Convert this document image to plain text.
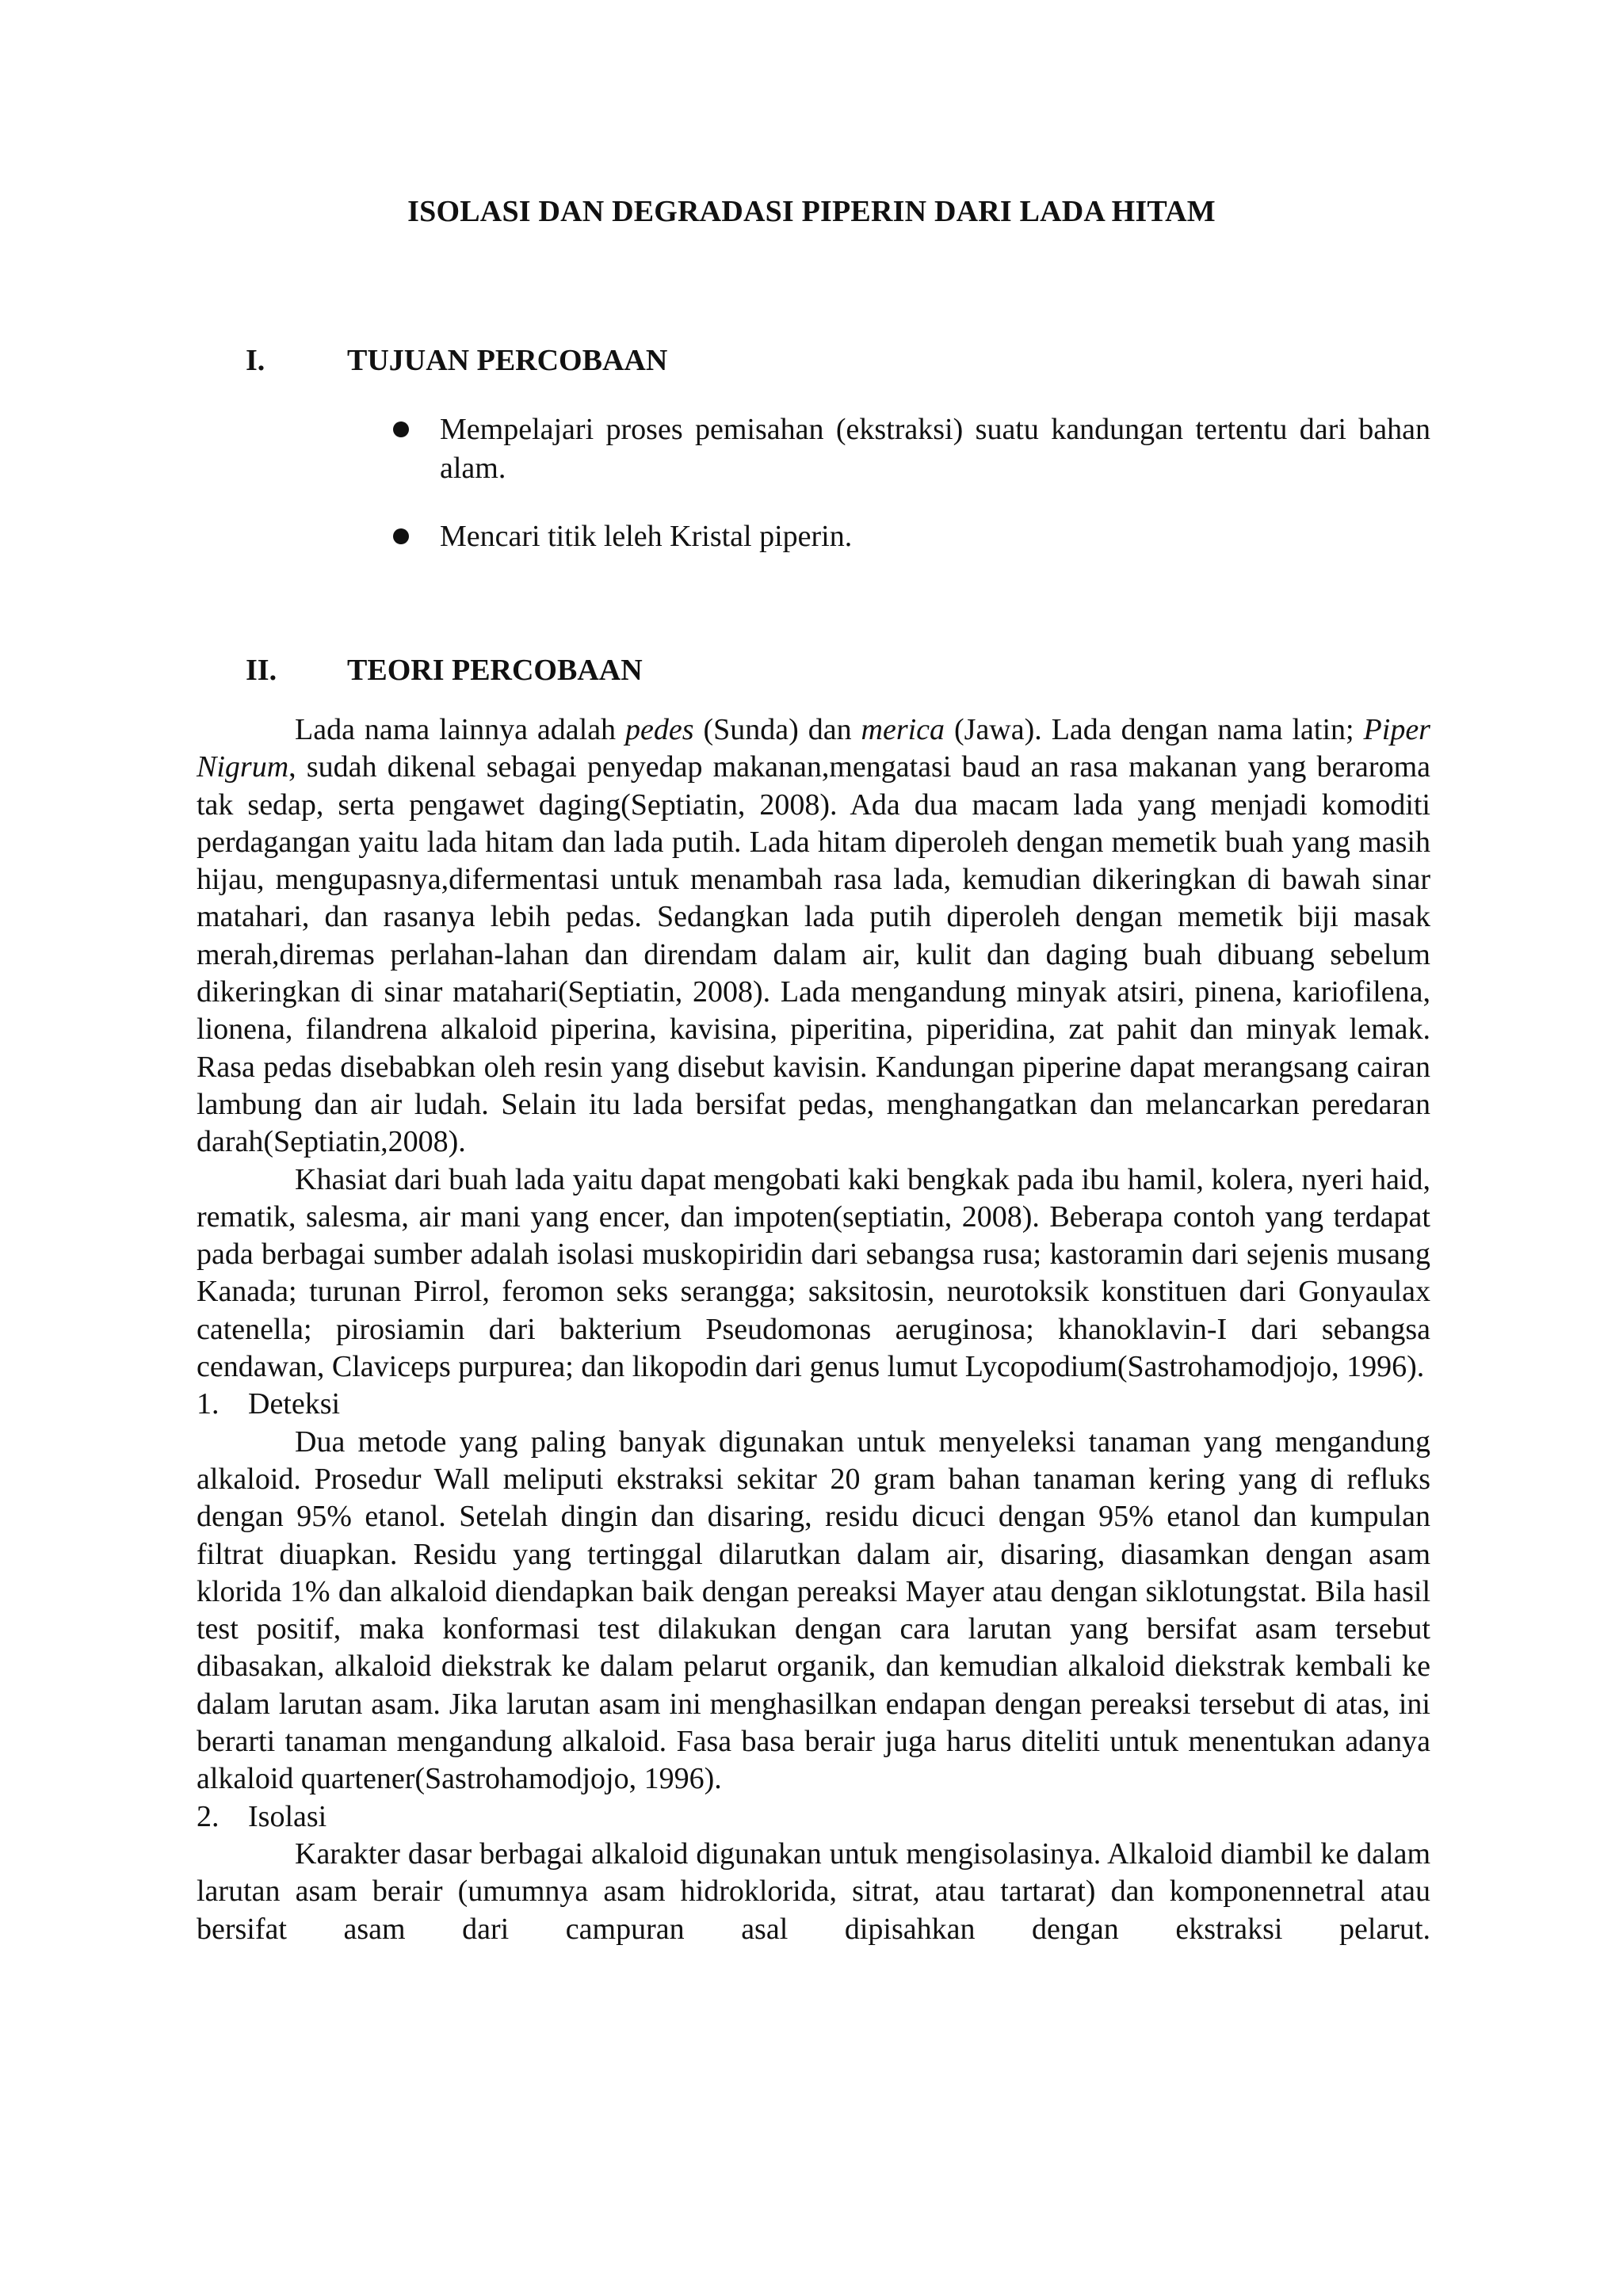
ISOLASI DAN DEGRADASI PIPERIN DARI LADA HITAM
I.	TUJUAN PERCOBAAN
Mempelajari proses pemisahan (ekstraksi) suatu kandungan tertentu dari bahan alam.
Mencari titik leleh Kristal piperin.
II. TEORI PERCOBAAN

Lada nama lainnya adalah pedes (Sunda) dan merica (Jawa). Lada dengan nama latin; Piper Nigrum, sudah dikenal sebagai penyedap makanan,mengatasi baud an rasa makanan yang beraroma tak sedap, serta pengawet daging(Septiatin, 2008). Ada dua macam lada yang menjadi komoditi perdagangan yaitu lada hitam dan lada putih. Lada hitam diperoleh dengan memetik buah yang masih hijau, mengupasnya,difermentasi untuk menambah rasa lada, kemudian dikeringkan di bawah sinar matahari, dan rasanya lebih pedas. Sedangkan lada putih diperoleh dengan memetik biji masak merah,diremas perlahan-lahan dan direndam dalam air, kulit dan daging buah dibuang sebelum dikeringkan di sinar matahari(Septiatin, 2008). Lada mengandung minyak atsiri, pinena, kariofilena, lionena, filandrena alkaloid piperina, kavisina, piperitina, piperidina, zat pahit dan minyak lemak. Rasa pedas disebabkan oleh resin yang disebut kavisin. Kandungan piperine dapat merangsang cairan lambung dan air ludah. Selain itu lada bersifat pedas, menghangatkan dan melancarkan peredaran darah(Septiatin,2008).

Khasiat dari buah lada yaitu dapat mengobati kaki bengkak pada ibu hamil, kolera, nyeri haid, rematik, salesma, air mani yang encer, dan impoten(septiatin, 2008). Beberapa contoh yang terdapat pada berbagai sumber adalah isolasi muskopiridin dari sebangsa rusa; kastoramin dari sejenis musang Kanada; turunan Pirrol, feromon seks serangga; saksitosin, neurotoksik konstituen dari Gonyaulax catenella; pirosiamin dari bakterium Pseudomonas aeruginosa; khanoklavin-I dari sebangsa cendawan, Claviceps purpurea; dan likopodin dari genus lumut Lycopodium(Sastrohamodjojo, 1996).

1. Deteksi

Dua metode yang paling banyak digunakan untuk menyeleksi tanaman yang mengandung alkaloid. Prosedur Wall meliputi ekstraksi sekitar 20 gram bahan tanaman kering yang di refluks dengan 95% etanol. Setelah dingin dan disaring, residu dicuci dengan 95% etanol dan kumpulan filtrat diuapkan. Residu yang tertinggal dilarutkan dalam air, disaring, diasamkan dengan asam klorida 1% dan alkaloid diendapkan baik dengan pereaksi Mayer atau dengan siklotungstat. Bila hasil test positif, maka konformasi test dilakukan dengan cara larutan yang bersifat asam tersebut dibasakan, alkaloid diekstrak ke dalam pelarut organik, dan kemudian alkaloid diekstrak kembali ke dalam larutan asam. Jika larutan asam ini menghasilkan endapan dengan pereaksi tersebut di atas, ini berarti tanaman mengandung alkaloid. Fasa basa berair juga harus diteliti untuk menentukan adanya alkaloid quartener(Sastrohamodjojo, 1996).

2. Isolasi

Karakter dasar berbagai alkaloid digunakan untuk mengisolasinya. Alkaloid diambil ke dalam larutan asam berair (umumnya asam hidroklorida, sitrat, atau tartarat) dan komponennetral atau bersifat asam dari campuran asal dipisahkan dengan ekstraksi pelarut.
